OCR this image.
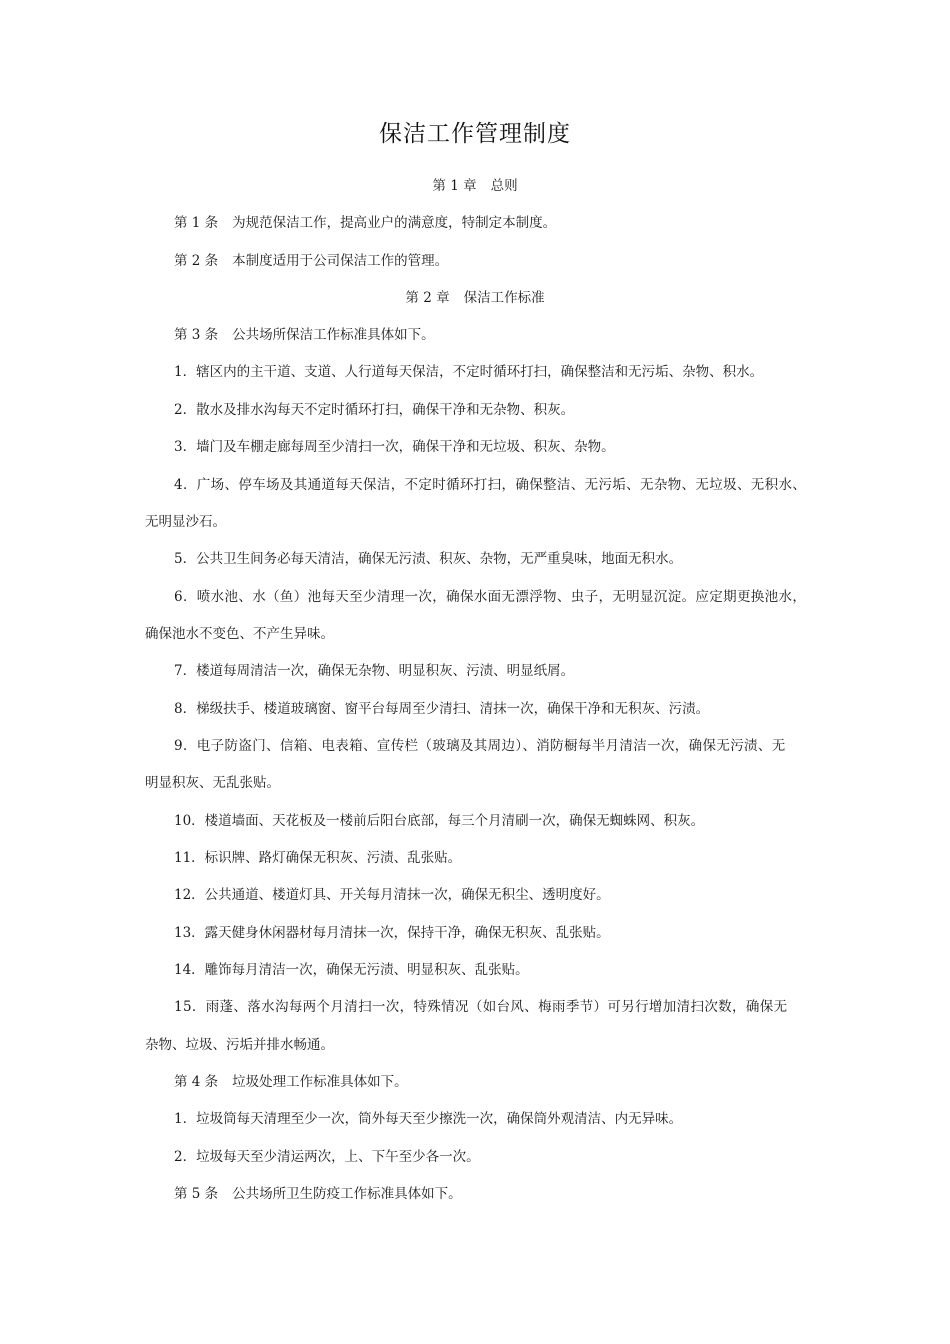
保洁工作管理制度
第 1 章 总则
第 1 条 为规范保洁工作，提高业户的满意度，特制定本制度。
第 2 条 本制度适用于公司保洁工作的管理。
第 2 章 保洁工作标准
第 3 条 公共场所保洁工作标准具体如下。
1．辖区内的主干道、支道、人行道每天保洁，不定时循环打扫，确保整洁和无污垢、杂物、积水。
2．散水及排水沟每天不定时循环打扫，确保干净和无杂物、积灰。
3．墙门及车棚走廊每周至少清扫一次，确保干净和无垃圾、积灰、杂物。
4．广场、停车场及其通道每天保洁，不定时循环打扫，确保整洁、无污垢、无杂物、无垃圾、无积水、
无明显沙石。
5．公共卫生间务必每天清洁，确保无污渍、积灰、杂物，无严重臭味，地面无积水。
6．喷水池、水（鱼）池每天至少清理一次，确保水面无漂浮物、虫子，无明显沉淀。应定期更换池水，
确保池水不变色、不产生异味。
7．楼道每周清洁一次，确保无杂物、明显积灰、污渍、明显纸屑。
8．梯级扶手、楼道玻璃窗、窗平台每周至少清扫、清抹一次，确保干净和无积灰、污渍。
9．电子防盗门、信箱、电表箱、宣传栏（玻璃及其周边）、消防橱每半月清洁一次，确保无污渍、无
明显积灰、无乱张贴。
10．楼道墙面、天花板及一楼前后阳台底部，每三个月清刷一次，确保无蜘蛛网、积灰。
11．标识牌、路灯确保无积灰、污渍、乱张贴。
12．公共通道、楼道灯具、开关每月清抹一次，确保无积尘、透明度好。
13．露天健身休闲器材每月清抹一次，保持干净，确保无积灰、乱张贴。
14．雕饰每月清洁一次，确保无污渍、明显积灰、乱张贴。
15．雨蓬、落水沟每两个月清扫一次，特殊情况（如台风、梅雨季节）可另行增加清扫次数，确保无
杂物、垃圾、污垢并排水畅通。
第 4 条 垃圾处理工作标准具体如下。
1．垃圾筒每天清理至少一次，筒外每天至少擦洗一次，确保筒外观清洁、内无异味。
2．垃圾每天至少清运两次，上、下午至少各一次。
第 5 条 公共场所卫生防疫工作标准具体如下。
